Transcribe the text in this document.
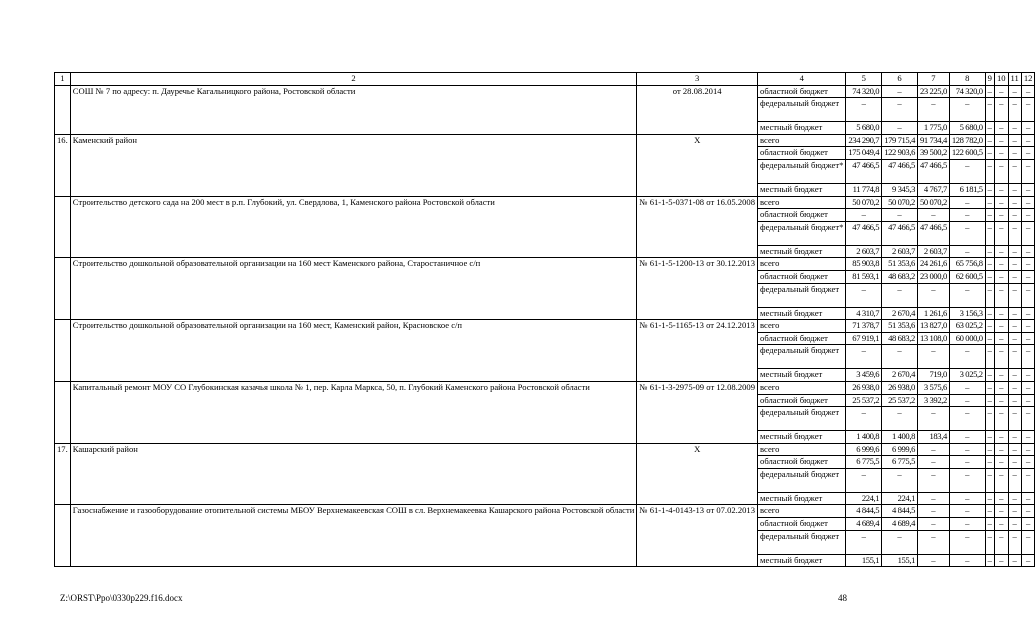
1	2	3	4	5	6	7	8	9	10	11	12
	СОШ № 7 по адресу: п. Дауречье Кагальницкого района, Ростовской области	от 28.08.2014	областной бюджет	74 320,0	–	23 225,0	74 320,0	–	–	–	–
			федеральный бюджет	–	–	–	–	–	–	–	–
			местный бюджет	5 680,0	–	1 775,0	5 680,0	–	–	–	–
16.	Каменский район	Х	всего	234 290,7	179 715,4	91 734,4	128 782,0	–	–	–	–
			областной бюджет	175 049,4	122 903,6	39 500,2	122 600,5	–	–	–	–
			федеральный бюджет*	47 466,5	47 466,5	47 466,5	–	–	–	–	–
			местный бюджет	11 774,8	9 345,3	4 767,7	6 181,5	–	–	–	–
	Строительство детского сада на 200 мест в р.п. Глубокий, ул. Свердлова, 1, Каменского района Ростовской области	№ 61-1-5-0371-08 от 16.05.2008	всего	50 070,2	50 070,2	50 070,2	–	–	–	–	–
			областной бюджет	–	–	–	–	–	–	–	–
			федеральный бюджет*	47 466,5	47 466,5	47 466,5	–	–	–	–	–
			местный бюджет	2 603,7	2 603,7	2 603,7	–	–	–	–	–
	Строительство дошкольной образовательной организации на 160 мест Каменского района, Старостаничное с/п	№ 61-1-5-1200-13 от 30.12.2013	всего	85 903,8	51 353,6	24 261,6	65 756,8	–	–	–	–
			областной бюджет	81 593,1	48 683,2	23 000,0	62 600,5	–	–	–	–
			федеральный бюджет	–	–	–	–	–	–	–	–
			местный бюджет	4 310,7	2 670,4	1 261,6	3 156,3	–	–	–	–
	Строительство дошкольной образовательной организации на 160 мест, Каменский район, Красновское с/п	№ 61-1-5-1165-13 от 24.12.2013	всего	71 378,7	51 353,6	13 827,0	63 025,2	–	–	–	–
			областной бюджет	67 919,1	48 683,2	13 108,0	60 000,0	–	–	–	–
			федеральный бюджет	–	–	–	–	–	–	–	–
			местный бюджет	3 459,6	2 670,4	719,0	3 025,2	–	–	–	–
	Капитальный ремонт МОУ СО Глубокинская казачья школа № 1, пер. Карла Маркса, 50, п. Глубокий Каменского района Ростовской области	№ 61-1-3-2975-09 от 12.08.2009	всего	26 938,0	26 938,0	3 575,6	–	–	–	–	–
			областной бюджет	25 537,2	25 537,2	3 392,2	–	–	–	–	–
			федеральный бюджет	–	–	–	–	–	–	–	–
			местный бюджет	1 400,8	1 400,8	183,4	–	–	–	–	–
17.	Кашарский район	Х	всего	6 999,6	6 999,6	–	–	–	–	–	–
			областной бюджет	6 775,5	6 775,5	–	–	–	–	–	–
			федеральный бюджет	–	–	–	–	–	–	–	–
			местный бюджет	224,1	224,1	–	–	–	–	–	–
	Газоснабжение и газооборудование отопительной системы МБОУ Верхнемакеевская СОШ в сл. Верхнемакеевка Кашарского района Ростовской области	№ 61-1-4-0143-13 от 07.02.2013	всего	4 844,5	4 844,5	–	–	–	–	–	–
			областной бюджет	4 689,4	4 689,4	–	–	–	–	–	–
			федеральный бюджет	–	–	–	–	–	–	–	–
			местный бюджет	155,1	155,1	–	–	–	–	–	–
Z:\ORST\Ppo\0330p229.f16.docx	48
